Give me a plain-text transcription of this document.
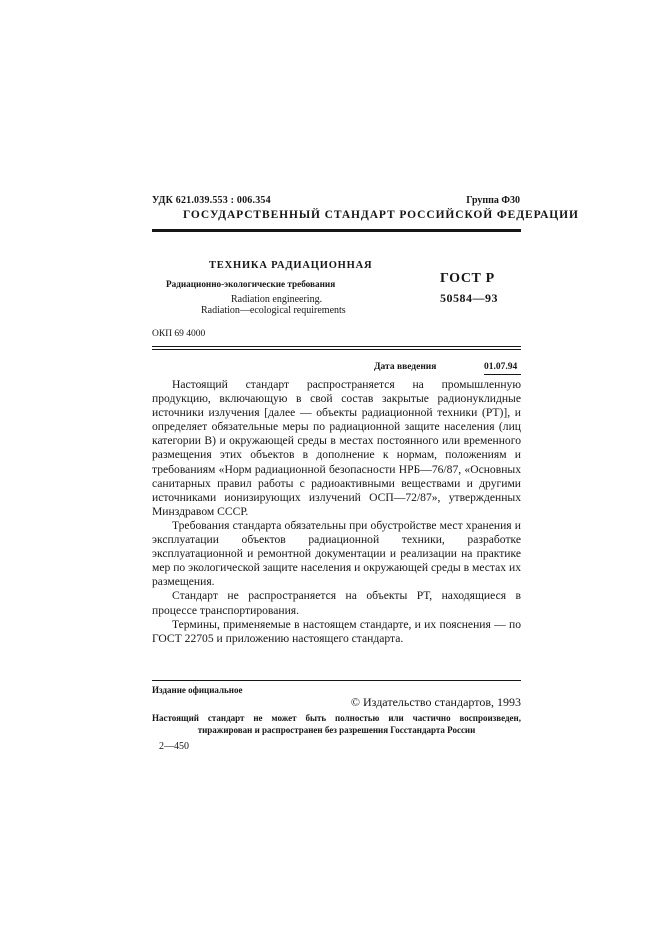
УДК 621.039.553 : 006.354	Группа Ф30
ГОСУДАРСТВЕННЫЙ СТАНДАРТ РОССИЙСКОЙ ФЕДЕРАЦИИ
ТЕХНИКА РАДИАЦИОННАЯ
Радиационно-экологические требования
Radiation engineering.
Radiation—ecological requirements
ГОСТ Р
50584—93
ОКП 69 4000
Дата введения	01.07.94

Настоящий стандарт распространяется на промышленную продукцию, включающую в свой состав закрытые радионуклидные источники излучения [далее — объекты радиационной техники (РТ)], и определяет обязательные меры по радиационной защите населения (лиц категории В) и окружающей среды в местах постоянного или временного размещения этих объектов в дополнение к нормам, положениям и требованиям «Норм радиационной безопасности НРБ—76/87, «Основных санитарных правил работы с радиоактивными веществами и другими источниками ионизирующих излучений ОСП—72/87», утвержденных Минздравом СССР.

Требования стандарта обязательны при обустройстве мест хранения и эксплуатации объектов радиационной техники, разработке эксплуатационной и ремонтной документации и реализации на практике мер по экологической защите населения и окружающей среды в местах их размещения.

Стандарт не распространяется на объекты РТ, находящиеся в процессе транспортирования.

Термины, применяемые в настоящем стандарте, и их пояснения — по ГОСТ 22705 и приложению настоящего стандарта.

Издание официальное
© Издательство стандартов, 1993
Настоящий стандарт не может быть полностью или частично воспроизведен,
тиражирован и распространен без разрешения Госстандарта России
2—450
